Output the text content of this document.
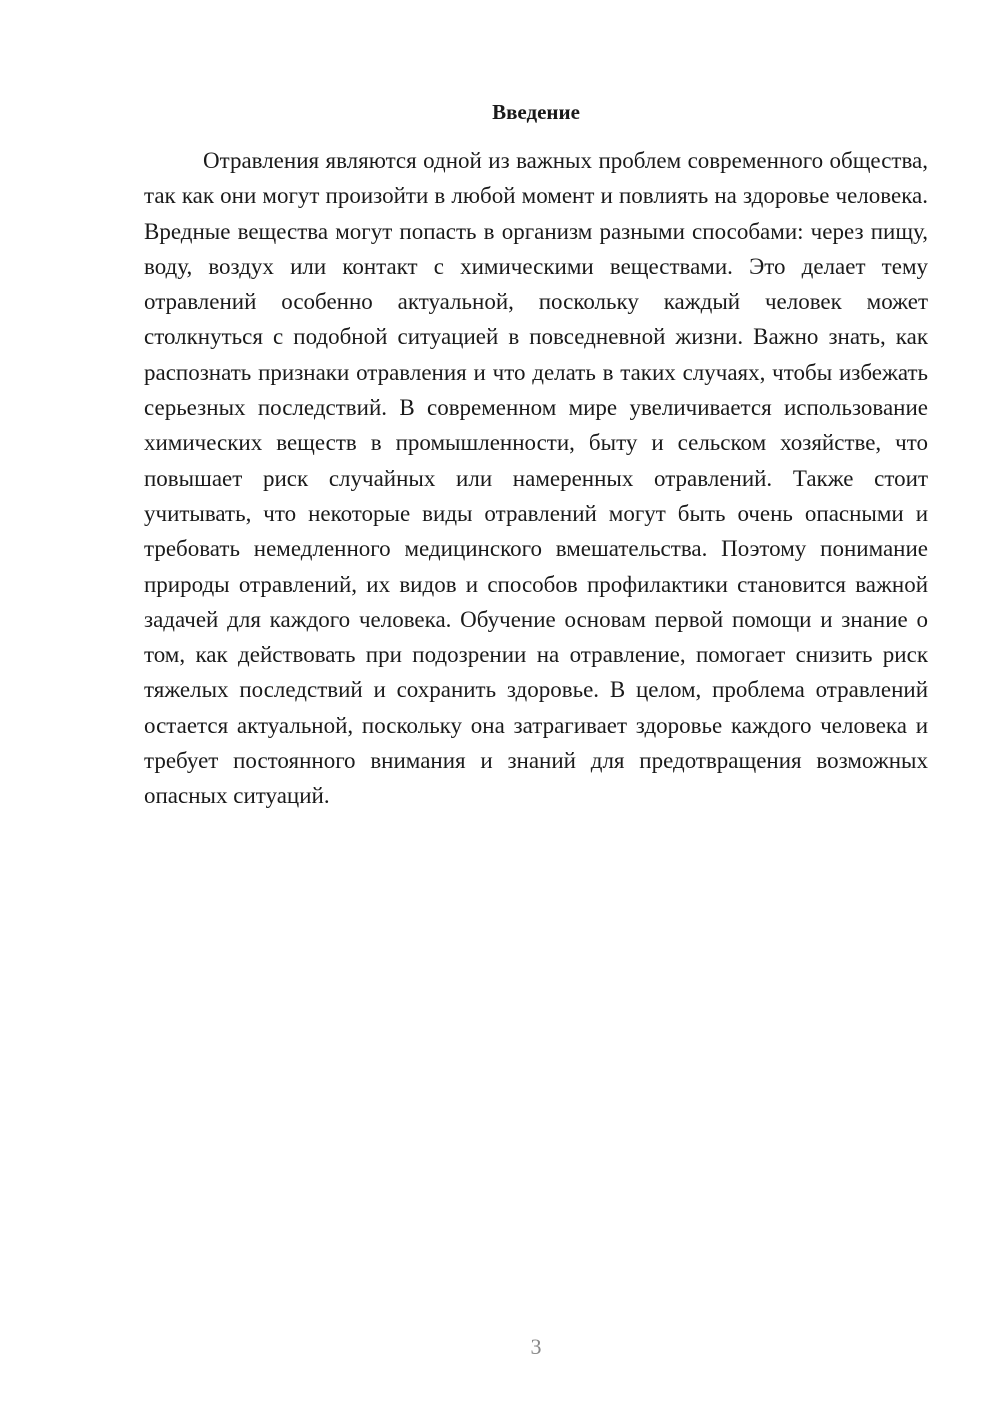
Введение

Отравления являются одной из важных проблем современного общества, так как они могут произойти в любой момент и повлиять на здоровье человека. Вредные вещества могут попасть в организм разными способами: через пищу, воду, воздух или контакт с химическими веществами. Это делает тему отравлений особенно актуальной, поскольку каждый человек может столкнуться с подобной ситуацией в повседневной жизни. Важно знать, как распознать признаки отравления и что делать в таких случаях, чтобы избежать серьезных последствий. В современном мире увеличивается использование химических веществ в промышленности, быту и сельском хозяйстве, что повышает риск случайных или намеренных отравлений. Также стоит учитывать, что некоторые виды отравлений могут быть очень опасными и требовать немедленного медицинского вмешательства. Поэтому понимание природы отравлений, их видов и способов профилактики становится важной задачей для каждого человека. Обучение основам первой помощи и знание о том, как действовать при подозрении на отравление, помогает снизить риск тяжелых последствий и сохранить здоровье. В целом, проблема отравлений остается актуальной, поскольку она затрагивает здоровье каждого человека и требует постоянного внимания и знаний для предотвращения возможных опасных ситуаций.

3
